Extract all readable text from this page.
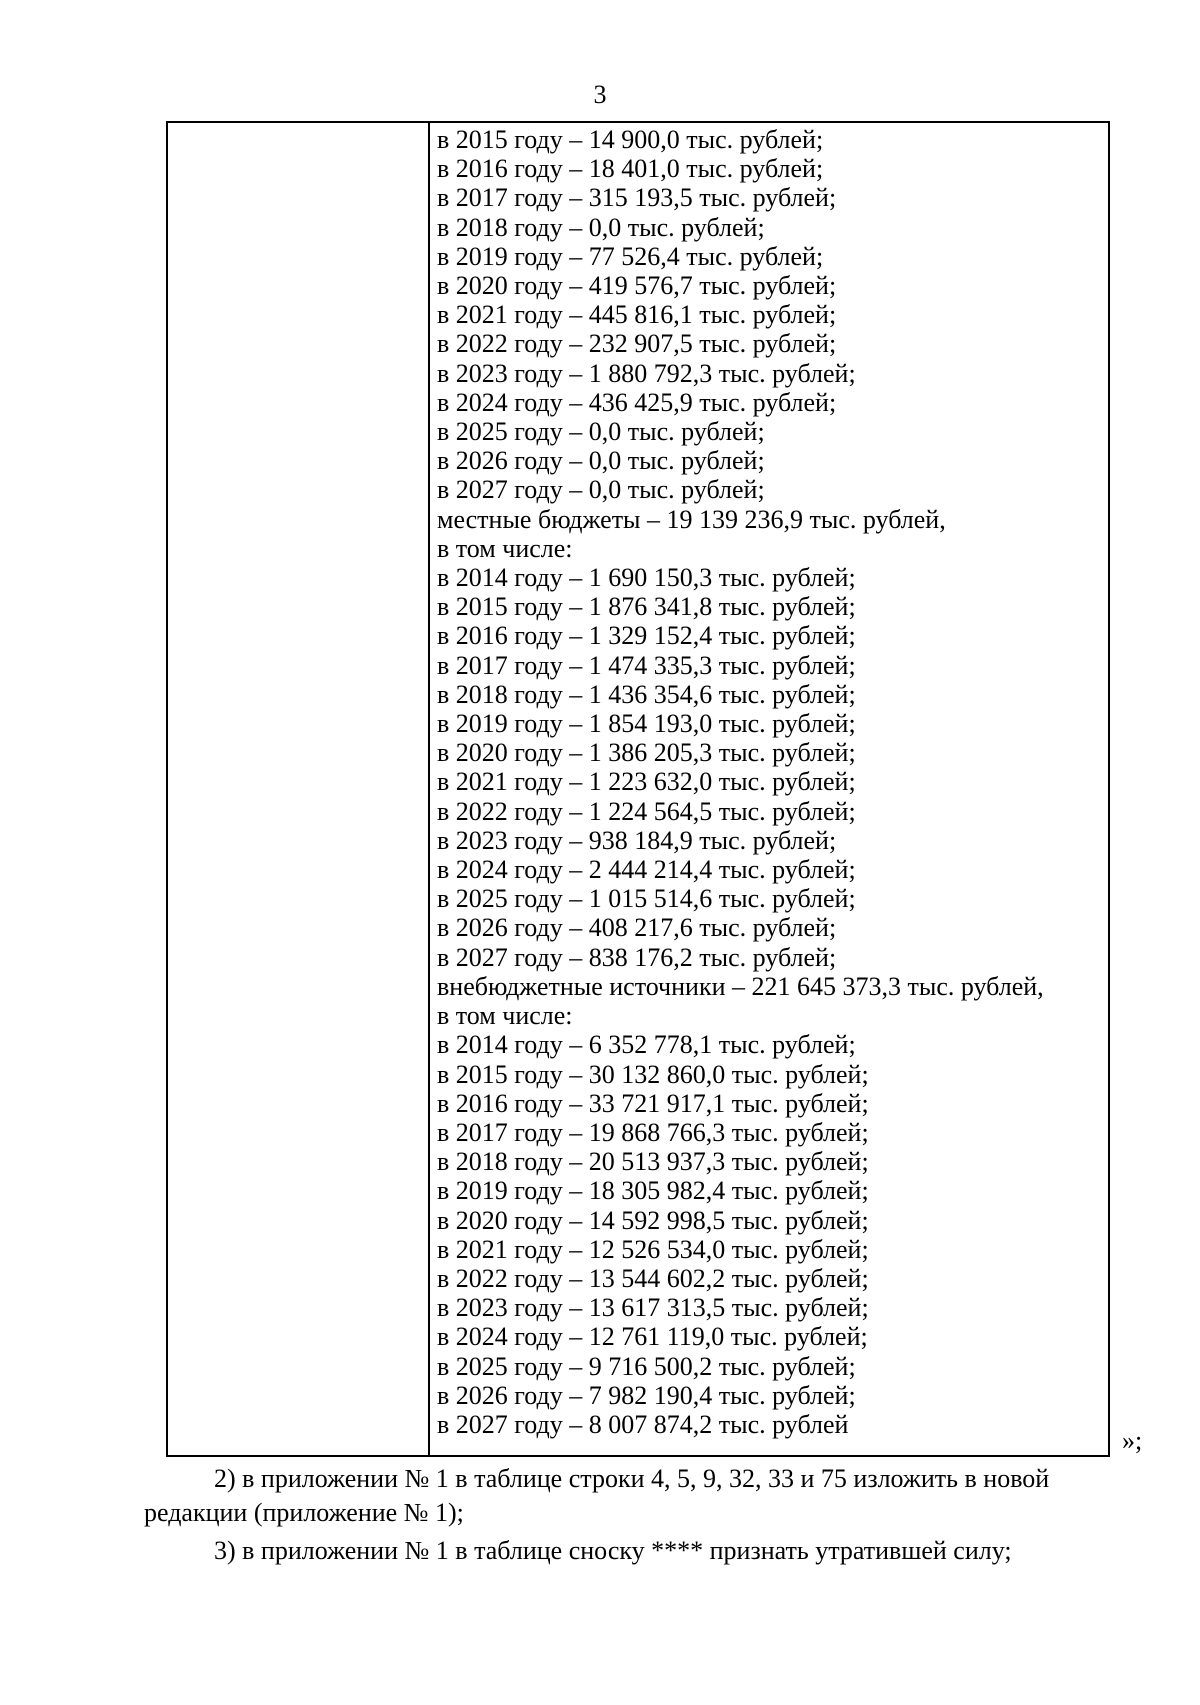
3
в 2015 году – 14 900,0 тыс. рублей;
в 2016 году – 18 401,0 тыс. рублей;
в 2017 году – 315 193,5 тыс. рублей;
в 2018 году – 0,0 тыс. рублей;
в 2019 году – 77 526,4 тыс. рублей;
в 2020 году – 419 576,7 тыс. рублей;
в 2021 году – 445 816,1 тыс. рублей;
в 2022 году – 232 907,5 тыс. рублей;
в 2023 году – 1 880 792,3 тыс. рублей;
в 2024 году – 436 425,9 тыс. рублей;
в 2025 году – 0,0 тыс. рублей;
в 2026 году – 0,0 тыс. рублей;
в 2027 году – 0,0 тыс. рублей;
местные бюджеты – 19 139 236,9 тыс. рублей,
в том числе:
в 2014 году – 1 690 150,3 тыс. рублей;
в 2015 году – 1 876 341,8 тыс. рублей;
в 2016 году – 1 329 152,4 тыс. рублей;
в 2017 году – 1 474 335,3 тыс. рублей;
в 2018 году – 1 436 354,6 тыс. рублей;
в 2019 году – 1 854 193,0 тыс. рублей;
в 2020 году – 1 386 205,3 тыс. рублей;
в 2021 году – 1 223 632,0 тыс. рублей;
в 2022 году – 1 224 564,5 тыс. рублей;
в 2023 году – 938 184,9 тыс. рублей;
в 2024 году – 2 444 214,4 тыс. рублей;
в 2025 году – 1 015 514,6 тыс. рублей;
в 2026 году – 408 217,6 тыс. рублей;
в 2027 году – 838 176,2 тыс. рублей;
внебюджетные источники – 221 645 373,3 тыс. рублей,
в том числе:
в 2014 году – 6 352 778,1 тыс. рублей;
в 2015 году – 30 132 860,0 тыс. рублей;
в 2016 году – 33 721 917,1 тыс. рублей;
в 2017 году – 19 868 766,3 тыс. рублей;
в 2018 году – 20 513 937,3 тыс. рублей;
в 2019 году – 18 305 982,4 тыс. рублей;
в 2020 году – 14 592 998,5 тыс. рублей;
в 2021 году – 12 526 534,0 тыс. рублей;
в 2022 году – 13 544 602,2 тыс. рублей;
в 2023 году – 13 617 313,5 тыс. рублей;
в 2024 году – 12 761 119,0 тыс. рублей;
в 2025 году – 9 716 500,2 тыс. рублей;
в 2026 году – 7 982 190,4 тыс. рублей;
в 2027 году – 8 007 874,2 тыс. рублей
»;
2) в приложении № 1 в таблице строки 4, 5, 9, 32, 33 и 75 изложить в новой
редакции (приложение № 1);
3) в приложении № 1 в таблице сноску **** признать утратившей силу;
